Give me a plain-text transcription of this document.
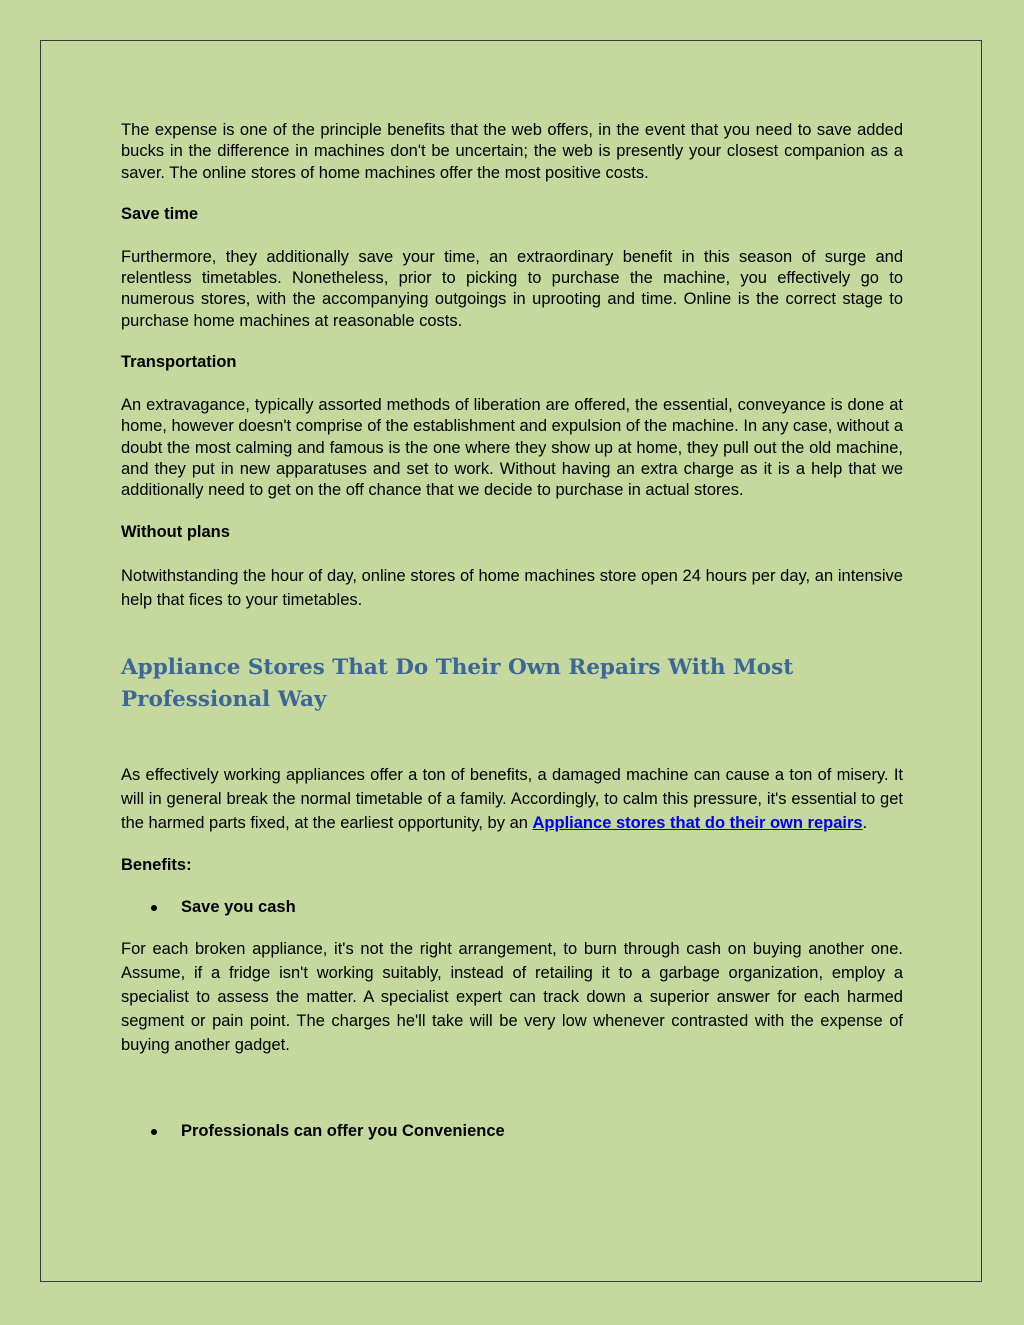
The expense is one of the principle benefits that the web offers, in the event that you need to save added bucks in the difference in machines don't be uncertain; the web is presently your closest companion as a saver. The online stores of home machines offer the most positive costs.

Save time

Furthermore, they additionally save your time, an extraordinary benefit in this season of surge and relentless timetables. Nonetheless, prior to picking to purchase the machine, you effectively go to numerous stores, with the accompanying outgoings in uprooting and time. Online is the correct stage to purchase home machines at reasonable costs.

Transportation

An extravagance, typically assorted methods of liberation are offered, the essential, conveyance is done at home, however doesn't comprise of the establishment and expulsion of the machine. In any case, without a doubt the most calming and famous is the one where they show up at home, they pull out the old machine, and they put in new apparatuses and set to work. Without having an extra charge as it is a help that we additionally need to get on the off chance that we decide to purchase in actual stores.

Without plans

Notwithstanding the hour of day, online stores of home machines store open 24 hours per day, an intensive help that fices to your timetables.

Appliance Stores That Do Their Own Repairs With Most Professional Way

As effectively working appliances offer a ton of benefits, a damaged machine can cause a ton of misery. It will in general break the normal timetable of a family. Accordingly, to calm this pressure, it's essential to get the harmed parts fixed, at the earliest opportunity, by an Appliance stores that do their own repairs.

Benefits:
Save you cash

For each broken appliance, it's not the right arrangement, to burn through cash on buying another one. Assume, if a fridge isn't working suitably, instead of retailing it to a garbage organization, employ a specialist to assess the matter. A specialist expert can track down a superior answer for each harmed segment or pain point. The charges he'll take will be very low whenever contrasted with the expense of buying another gadget.

Professionals can offer you Convenience
